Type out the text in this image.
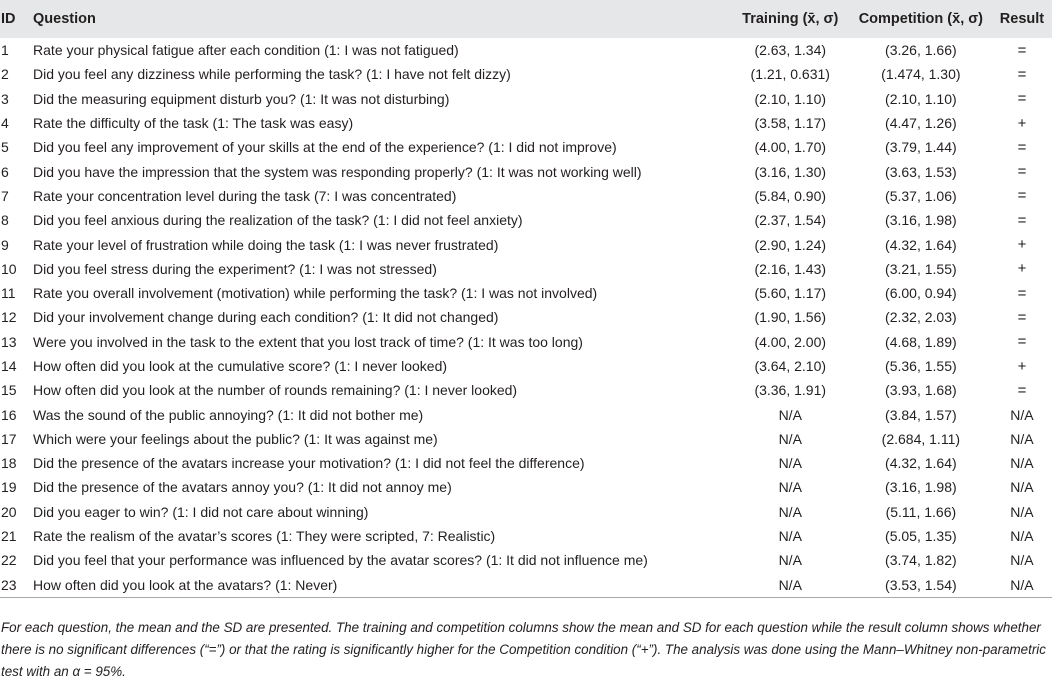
ID	Question	Training (x̄, σ)	Competition (x̄, σ)	Result
1	Rate your physical fatigue after each condition (1: I was not fatigued)	(2.63, 1.34)	(3.26, 1.66)	=
2	Did you feel any dizziness while performing the task? (1: I have not felt dizzy)	(1.21, 0.631)	(1.474, 1.30)	=
3	Did the measuring equipment disturb you? (1: It was not disturbing)	(2.10, 1.10)	(2.10, 1.10)	=
4	Rate the difficulty of the task (1: The task was easy)	(3.58, 1.17)	(4.47, 1.26)	+
5	Did you feel any improvement of your skills at the end of the experience? (1: I did not improve)	(4.00, 1.70)	(3.79, 1.44)	=
6	Did you have the impression that the system was responding properly? (1: It was not working well)	(3.16, 1.30)	(3.63, 1.53)	=
7	Rate your concentration level during the task (7: I was concentrated)	(5.84, 0.90)	(5.37, 1.06)	=
8	Did you feel anxious during the realization of the task? (1: I did not feel anxiety)	(2.37, 1.54)	(3.16, 1.98)	=
9	Rate your level of frustration while doing the task (1: I was never frustrated)	(2.90, 1.24)	(4.32, 1.64)	+
10	Did you feel stress during the experiment? (1: I was not stressed)	(2.16, 1.43)	(3.21, 1.55)	+
11	Rate you overall involvement (motivation) while performing the task? (1: I was not involved)	(5.60, 1.17)	(6.00, 0.94)	=
12	Did your involvement change during each condition? (1: It did not changed)	(1.90, 1.56)	(2.32, 2.03)	=
13	Were you involved in the task to the extent that you lost track of time? (1: It was too long)	(4.00, 2.00)	(4.68, 1.89)	=
14	How often did you look at the cumulative score? (1: I never looked)	(3.64, 2.10)	(5.36, 1.55)	+
15	How often did you look at the number of rounds remaining? (1: I never looked)	(3.36, 1.91)	(3.93, 1.68)	=
16	Was the sound of the public annoying? (1: It did not bother me)	N/A	(3.84, 1.57)	N/A
17	Which were your feelings about the public? (1: It was against me)	N/A	(2.684, 1.11)	N/A
18	Did the presence of the avatars increase your motivation? (1: I did not feel the difference)	N/A	(4.32, 1.64)	N/A
19	Did the presence of the avatars annoy you? (1: It did not annoy me)	N/A	(3.16, 1.98)	N/A
20	Did you eager to win? (1: I did not care about winning)	N/A	(5.11, 1.66)	N/A
21	Rate the realism of the avatar’s scores (1: They were scripted, 7: Realistic)	N/A	(5.05, 1.35)	N/A
22	Did you feel that your performance was influenced by the avatar scores? (1: It did not influence me)	N/A	(3.74, 1.82)	N/A
23	How often did you look at the avatars? (1: Never)	N/A	(3.53, 1.54)	N/A
For each question, the mean and the SD are presented. The training and competition columns show the mean and SD for each question while the result column shows whether there is no significant differences (“=”) or that the rating is significantly higher for the Competition condition (“+”). The analysis was done using the Mann–Whitney non-parametric test with an α = 95%.
